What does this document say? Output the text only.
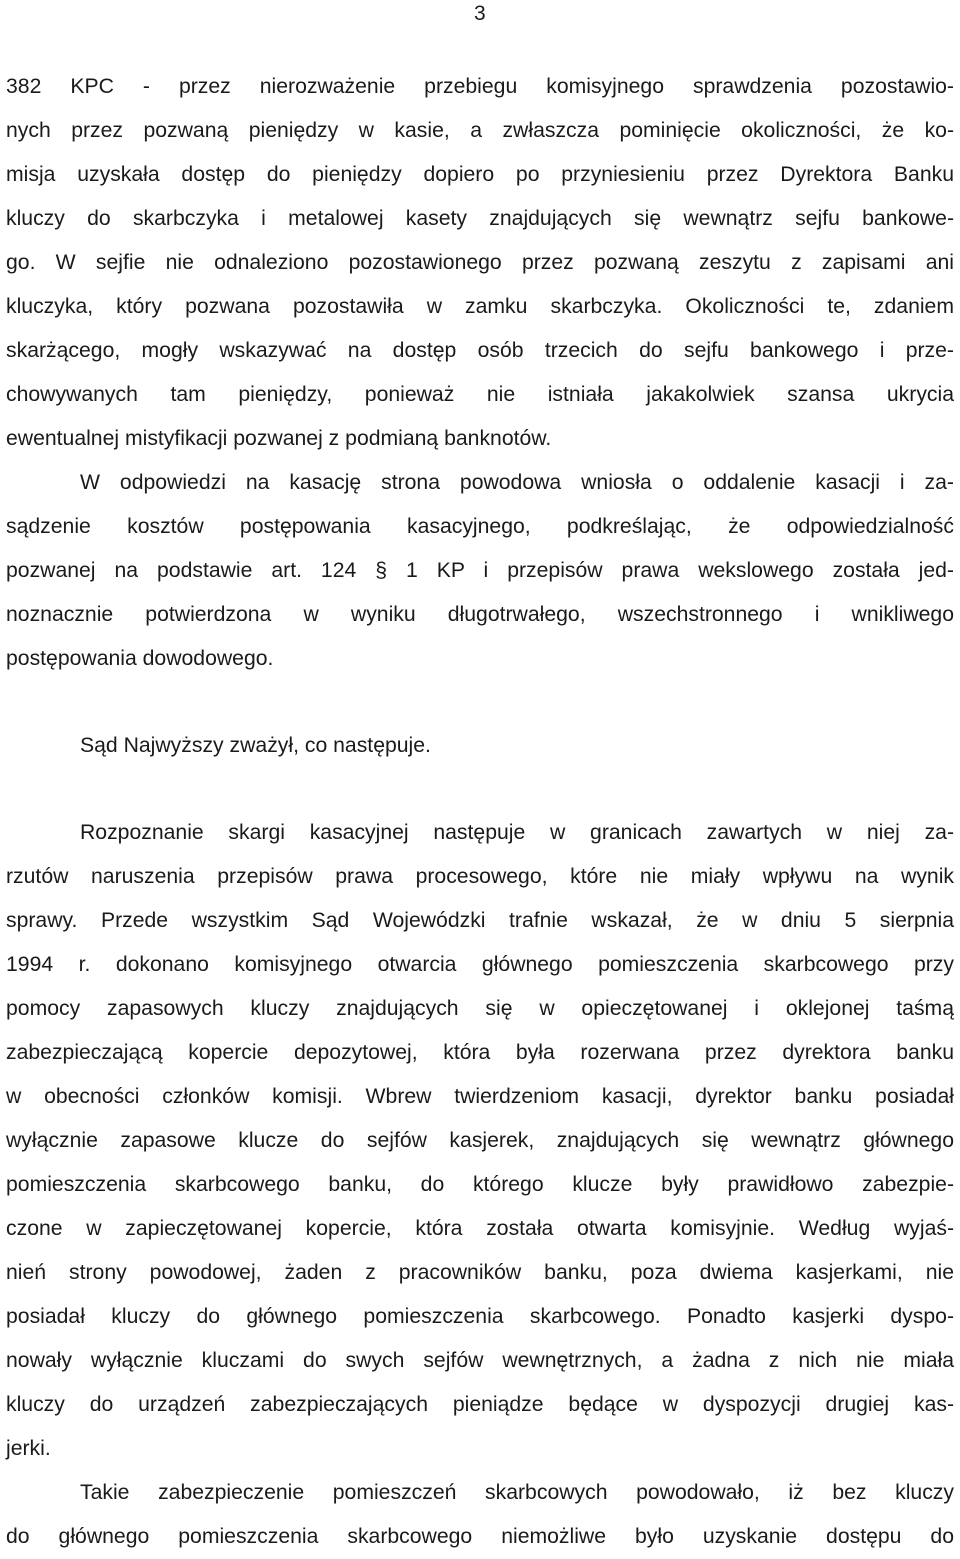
3
382 KPC - przez nierozważenie przebiegu komisyjnego sprawdzenia pozostawio-
nych przez pozwaną pieniędzy w kasie, a zwłaszcza pominięcie okoliczności, że ko-
misja uzyskała dostęp do pieniędzy dopiero po przyniesieniu przez Dyrektora Banku
kluczy do skarbczyka i metalowej kasety znajdujących się wewnątrz sejfu bankowe-
go. W sejfie nie odnaleziono pozostawionego przez pozwaną zeszytu z zapisami ani
kluczyka, który pozwana pozostawiła w zamku skarbczyka. Okoliczności te, zdaniem
skarżącego, mogły wskazywać na dostęp osób trzecich do sejfu bankowego i prze-
chowywanych tam pieniędzy, ponieważ nie istniała jakakolwiek szansa ukrycia
ewentualnej mistyfikacji pozwanej z podmianą banknotów.
W odpowiedzi na kasację strona powodowa wniosła o oddalenie kasacji i za-
sądzenie kosztów postępowania kasacyjnego, podkreślając, że odpowiedzialność
pozwanej na podstawie art. 124 § 1 KP i przepisów prawa wekslowego została jed-
noznacznie potwierdzona w wyniku długotrwałego, wszechstronnego i wnikliwego
postępowania dowodowego.
Sąd Najwyższy zważył, co następuje.
Rozpoznanie skargi kasacyjnej następuje w granicach zawartych w niej za-
rzutów naruszenia przepisów prawa procesowego, które nie miały wpływu na wynik
sprawy. Przede wszystkim Sąd Wojewódzki trafnie wskazał, że w dniu 5 sierpnia
1994 r. dokonano komisyjnego otwarcia głównego pomieszczenia skarbcowego przy
pomocy zapasowych kluczy znajdujących się w opieczętowanej i oklejonej taśmą
zabezpieczającą kopercie depozytowej, która była rozerwana przez dyrektora banku
w obecności członków komisji. Wbrew twierdzeniom kasacji, dyrektor banku posiadał
wyłącznie zapasowe klucze do sejfów kasjerek, znajdujących się wewnątrz głównego
pomieszczenia skarbcowego banku, do którego klucze były prawidłowo zabezpie-
czone w zapieczętowanej kopercie, która została otwarta komisyjnie. Według wyjaś-
nień strony powodowej, żaden z pracowników banku, poza dwiema kasjerkami, nie
posiadał kluczy do głównego pomieszczenia skarbcowego. Ponadto kasjerki dyspo-
nowały wyłącznie kluczami do swych sejfów wewnętrznych, a żadna z nich nie miała
kluczy do urządzeń zabezpieczających pieniądze będące w dyspozycji drugiej kas-
jerki.
Takie zabezpieczenie pomieszczeń skarbcowych powodowało, iż bez kluczy
do głównego pomieszczenia skarbcowego niemożliwe było uzyskanie dostępu do
